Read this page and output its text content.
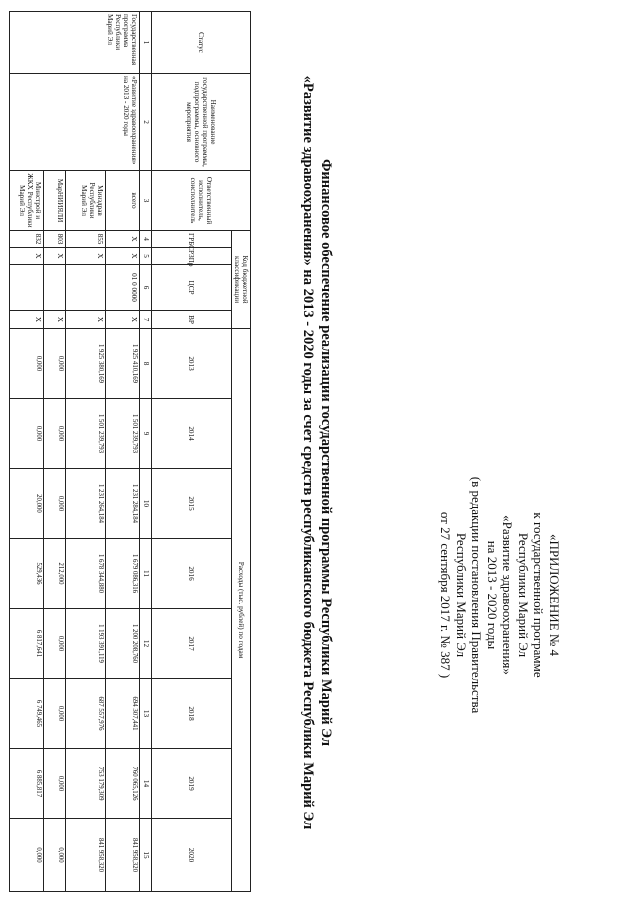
«ПРИЛОЖЕНИЕ № 4
к государственной программе
Республики Марий Эл
«Развитие здравоохранения»
на 2013 - 2020 годы
(в редакции постановления Правительства
Республики Марий Эл
от 27 сентября 2017 г. № 387 )
Финансовое обеспечение реализации государственной программы Республики Марий Эл
«Развитие здравоохранения» на 2013 - 2020 годы за счет средств республиканского бюджета Республики Марий Эл
Статус	Наименование государственной программы, подпрограммы, основного мероприятия	Ответственный исполнитель, соисполнитель	Код бюджетной классификации				Расходы (тыс. рублей) по годам							
			ГРБС	РЗПр	ЦСР	ВР	2013	2014	2015	2016	2017	2018	2019	2020
1	2	3	4	5	6	7	8	9	10	11	12	13	14	15
Государственная программа Республики Марий Эл	«Развитие здравоохранения» на 2013 - 2020 годы	всего	Х	Х	01 0 0000	Х	1 925 410,169	1 501 239,793	1 231 284,184	1 679 086,316	1 200 208,760	694 307,441	760 065,126	841 958,320
		Минздрав Республики Марий Эл	855	Х		Х	1 925 380,169	1 501 239,793	1 231 264,184	1 678 344,880	1 193 391,119	687 557,976	753 179,309	841 958,320
		МарНИИЯЛИ	803	Х		Х	0,000	0,000	0,000	212,000	0,000	0,000	0,000	0,000
		Минстрой и ЖКХ Республики Марий Эл	832	Х		Х	0,000	0,000	20,000	529,436	6 817,641	6 749,465	6 885,817	0,000
